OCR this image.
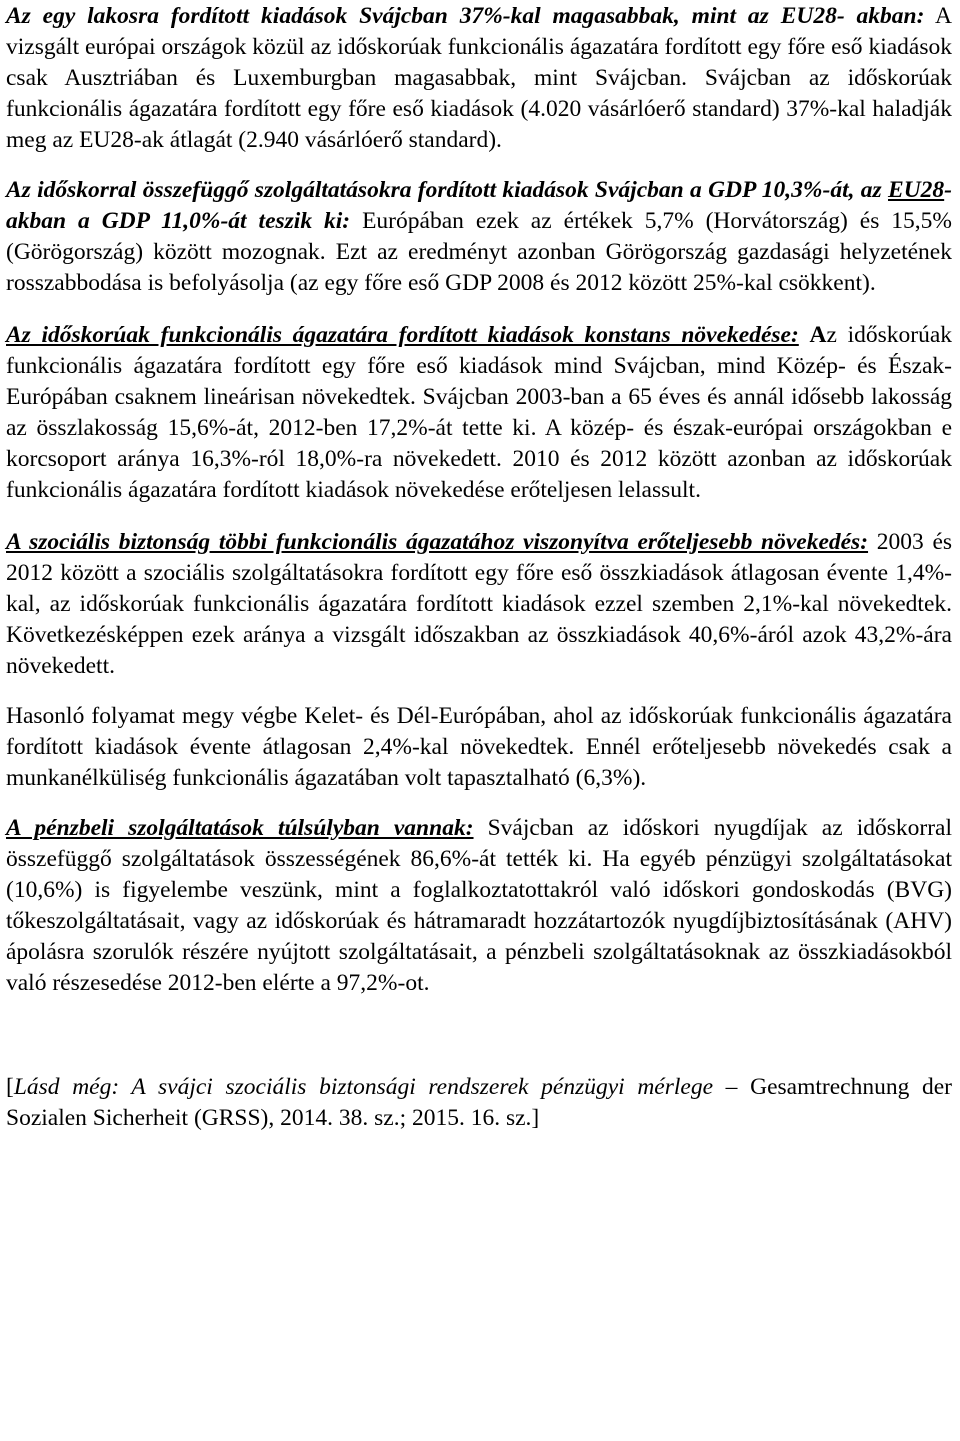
Az egy lakosra fordított kiadások Svájcban 37%-kal magasabbak, mint az EU28- akban: A vizsgált európai országok közül az időskorúak funkcionális ágazatára fordított egy főre eső kiadások csak Ausztriában és Luxemburgban magasabbak, mint Svájcban. Svájcban az időskorúak funkcionális ágazatára fordított egy főre eső kiadások (4.020 vásárlóerő standard) 37%-kal haladják meg az EU28-ak átlagát (2.940 vásárlóerő standard).

Az időskorral összefüggő szolgáltatásokra fordított kiadások Svájcban a GDP 10,3%-át, az EU28-akban a GDP 11,0%-át teszik ki: Európában ezek az értékek 5,7% (Horvátország) és 15,5% (Görögország) között mozognak. Ezt az eredményt azonban Görögország gazdasági helyzetének rosszabbodása is befolyásolja (az egy főre eső GDP 2008 és 2012 között 25%-kal csökkent).

Az időskorúak funkcionális ágazatára fordított kiadások konstans növekedése: Az időskorúak funkcionális ágazatára fordított egy főre eső kiadások mind Svájcban, mind Közép- és Észak-Európában csaknem lineárisan növekedtek. Svájcban 2003-ban a 65 éves és annál idősebb lakosság az összlakosság 15,6%-át, 2012-ben 17,2%-át tette ki. A közép- és észak-európai országokban e korcsoport aránya 16,3%-ról 18,0%-ra növekedett. 2010 és 2012 között azonban az időskorúak funkcionális ágazatára fordított kiadások növekedése erőteljesen lelassult.

A szociális biztonság többi funkcionális ágazatához viszonyítva erőteljesebb növekedés: 2003 és 2012 között a szociális szolgáltatásokra fordított egy főre eső összkiadások átlagosan évente 1,4%-kal, az időskorúak funkcionális ágazatára fordított kiadások ezzel szemben 2,1%-kal növekedtek. Következésképpen ezek aránya a vizsgált időszakban az összkiadások 40,6%-áról azok 43,2%-ára növekedett.

Hasonló folyamat megy végbe Kelet- és Dél-Európában, ahol az időskorúak funkcionális ágazatára fordított kiadások évente átlagosan 2,4%-kal növekedtek. Ennél erőteljesebb növekedés csak a munkanélküliség funkcionális ágazatában volt tapasztalható (6,3%).

A pénzbeli szolgáltatások túlsúlyban vannak: Svájcban az időskori nyugdíjak az időskorral összefüggő szolgáltatások összességének 86,6%-át tették ki. Ha egyéb pénzügyi szolgáltatásokat (10,6%) is figyelembe veszünk, mint a foglalkoztatottakról való időskori gondoskodás (BVG) tőkeszolgáltatásait, vagy az időskorúak és hátramaradt hozzátartozók nyugdíjbiztosításának (AHV) ápolásra szorulók részére nyújtott szolgáltatásait, a pénzbeli szolgáltatásoknak az összkiadásokból való részesedése 2012-ben elérte a 97,2%-ot.

[Lásd még: A svájci szociális biztonsági rendszerek pénzügyi mérlege – Gesamtrechnung der Sozialen Sicherheit (GRSS), 2014. 38. sz.; 2015. 16. sz.]
